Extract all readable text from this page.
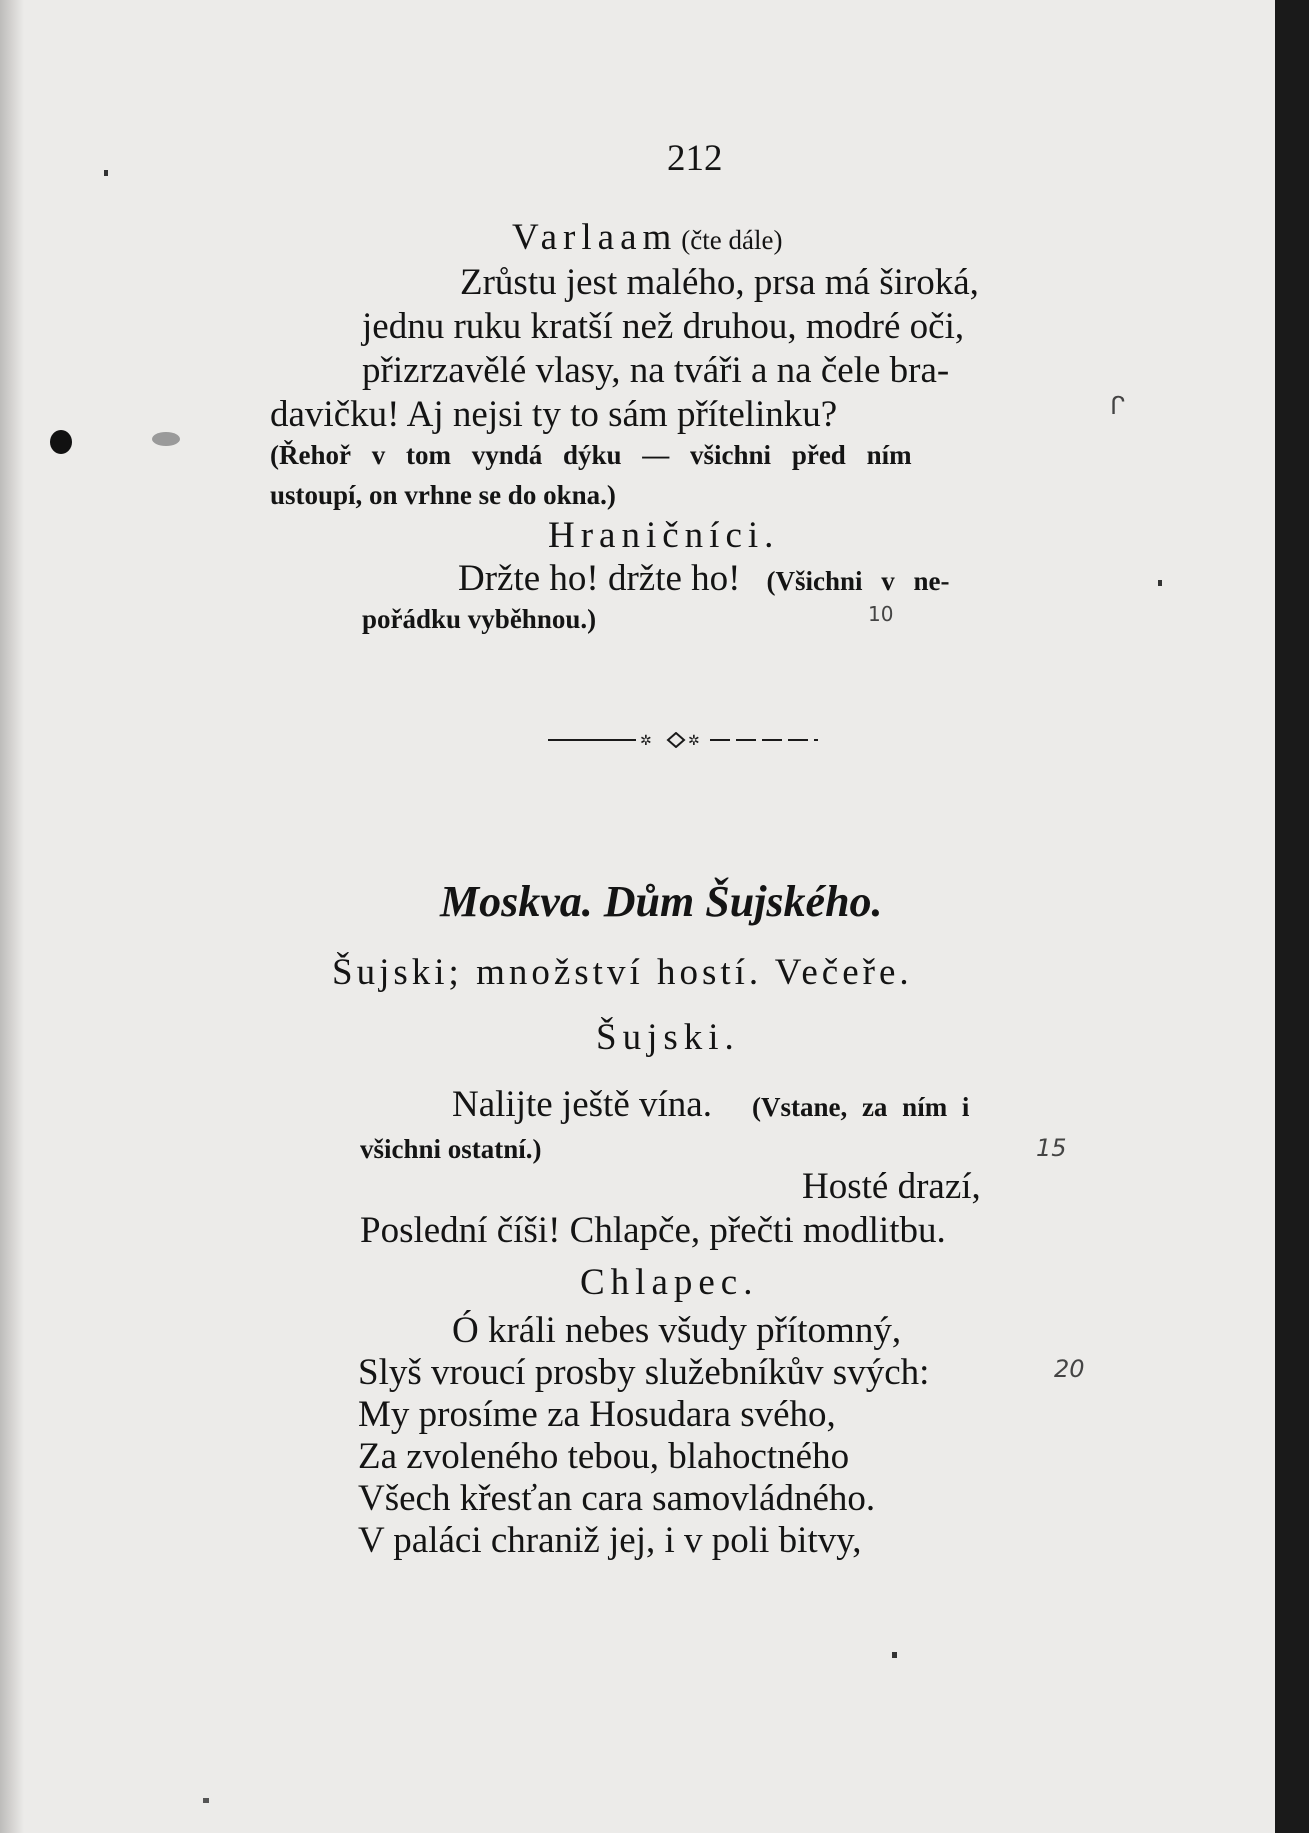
212
Varlaam (čte dále)
Zrůstu jest malého, prsa má široká,
jednu ruku kratší než druhou, modré oči,
přizrzavělé vlasy, na tváři a na čele bra-
davičku! Aj nejsi ty to sám přítelinku?
(Řehoř v tom vyndá dýku — všichni před ním
ustoupí, on vrhne se do okna.)
Hraničníci.
Držte ho! držte ho! (Všichni v ne-
pořádku vyběhnou.)
✲	✲
Moskva. Dům Šujského.
Šujski; množství hostí. Večeře.
Šujski.
Nalijte ještě vína. (Vstane, za ním i
všichni ostatní.)
Hosté drazí,
Poslední číši! Chlapče, přečti modlitbu.
Chlapec.
Ó králi nebes všudy přítomný,
Slyš vroucí prosby služebníkův svých:
My prosíme za Hosudara svého,
Za zvoleného tebou, blahoctného
Všech křesťan cara samovládného.
V paláci chraniž jej, i v poli bitvy,
ᒋ
10
15
20
